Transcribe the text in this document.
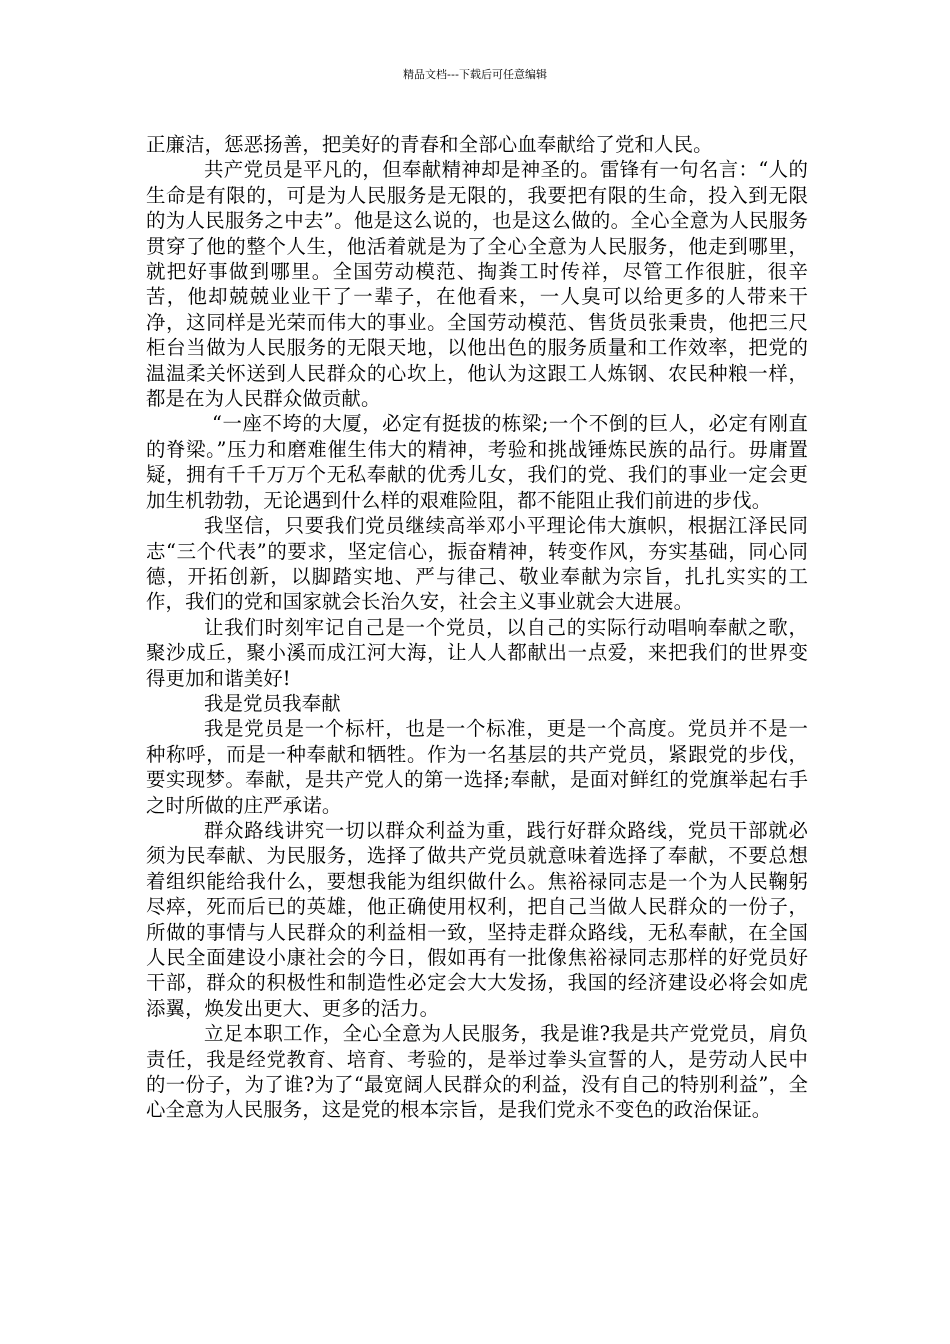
精品文档---下载后可任意编辑

正廉洁，惩恶扬善，把美好的青春和全部心血奉献给了党和人民。

共产党员是平凡的，但奉献精神却是神圣的。雷锋有一句名言：“人的生命是有限的，可是为人民服务是无限的，我要把有限的生命，投入到无限的为人民服务之中去”。他是这么说的，也是这么做的。全心全意为人民服务贯穿了他的整个人生，他活着就是为了全心全意为人民服务，他走到哪里，就把好事做到哪里。全国劳动模范、掏粪工时传祥，尽管工作很脏，很辛苦，他却兢兢业业干了一辈子，在他看来，一人臭可以给更多的人带来干净，这同样是光荣而伟大的事业。全国劳动模范、售货员张秉贵，他把三尺柜台当做为人民服务的无限天地，以他出色的服务质量和工作效率，把党的温温柔关怀送到人民群众的心坎上，他认为这跟工人炼钢、农民种粮一样，都是在为人民群众做贡献。

“一座不垮的大厦，必定有挺拔的栋梁;一个不倒的巨人，必定有刚直的脊梁。”压力和磨难催生伟大的精神，考验和挑战锤炼民族的品行。毋庸置疑，拥有千千万万个无私奉献的优秀儿女，我们的党、我们的事业一定会更加生机勃勃，无论遇到什么样的艰难险阻，都不能阻止我们前进的步伐。

我坚信，只要我们党员继续高举邓小平理论伟大旗帜，根据江泽民同志“三个代表”的要求，坚定信心，振奋精神，转变作风，夯实基础，同心同德，开拓创新，以脚踏实地、严与律己、敬业奉献为宗旨，扎扎实实的工作，我们的党和国家就会长治久安，社会主义事业就会大进展。

让我们时刻牢记自己是一个党员，以自己的实际行动唱响奉献之歌，聚沙成丘，聚小溪而成江河大海，让人人都献出一点爱，来把我们的世界变得更加和谐美好!

我是党员我奉献

我是党员是一个标杆，也是一个标准，更是一个高度。党员并不是一种称呼，而是一种奉献和牺牲。作为一名基层的共产党员，紧跟党的步伐，要实现梦。奉献，是共产党人的第一选择;奉献，是面对鲜红的党旗举起右手之时所做的庄严承诺。

群众路线讲究一切以群众利益为重，践行好群众路线，党员干部就必须为民奉献、为民服务，选择了做共产党员就意味着选择了奉献，不要总想着组织能给我什么，要想我能为组织做什么。焦裕禄同志是一个为人民鞠躬尽瘁，死而后已的英雄，他正确使用权利，把自己当做人民群众的一份子，所做的事情与人民群众的利益相一致，坚持走群众路线，无私奉献，在全国人民全面建设小康社会的今日，假如再有一批像焦裕禄同志那样的好党员好干部，群众的积极性和制造性必定会大大发扬，我国的经济建设必将会如虎添翼，焕发出更大、更多的活力。

立足本职工作，全心全意为人民服务，我是谁?我是共产党党员，肩负责任，我是经党教育、培育、考验的，是举过拳头宣誓的人，是劳动人民中的一份子，为了谁?为了“最宽阔人民群众的利益，没有自己的特别利益”，全心全意为人民服务，这是党的根本宗旨，是我们党永不变色的政治保证。
